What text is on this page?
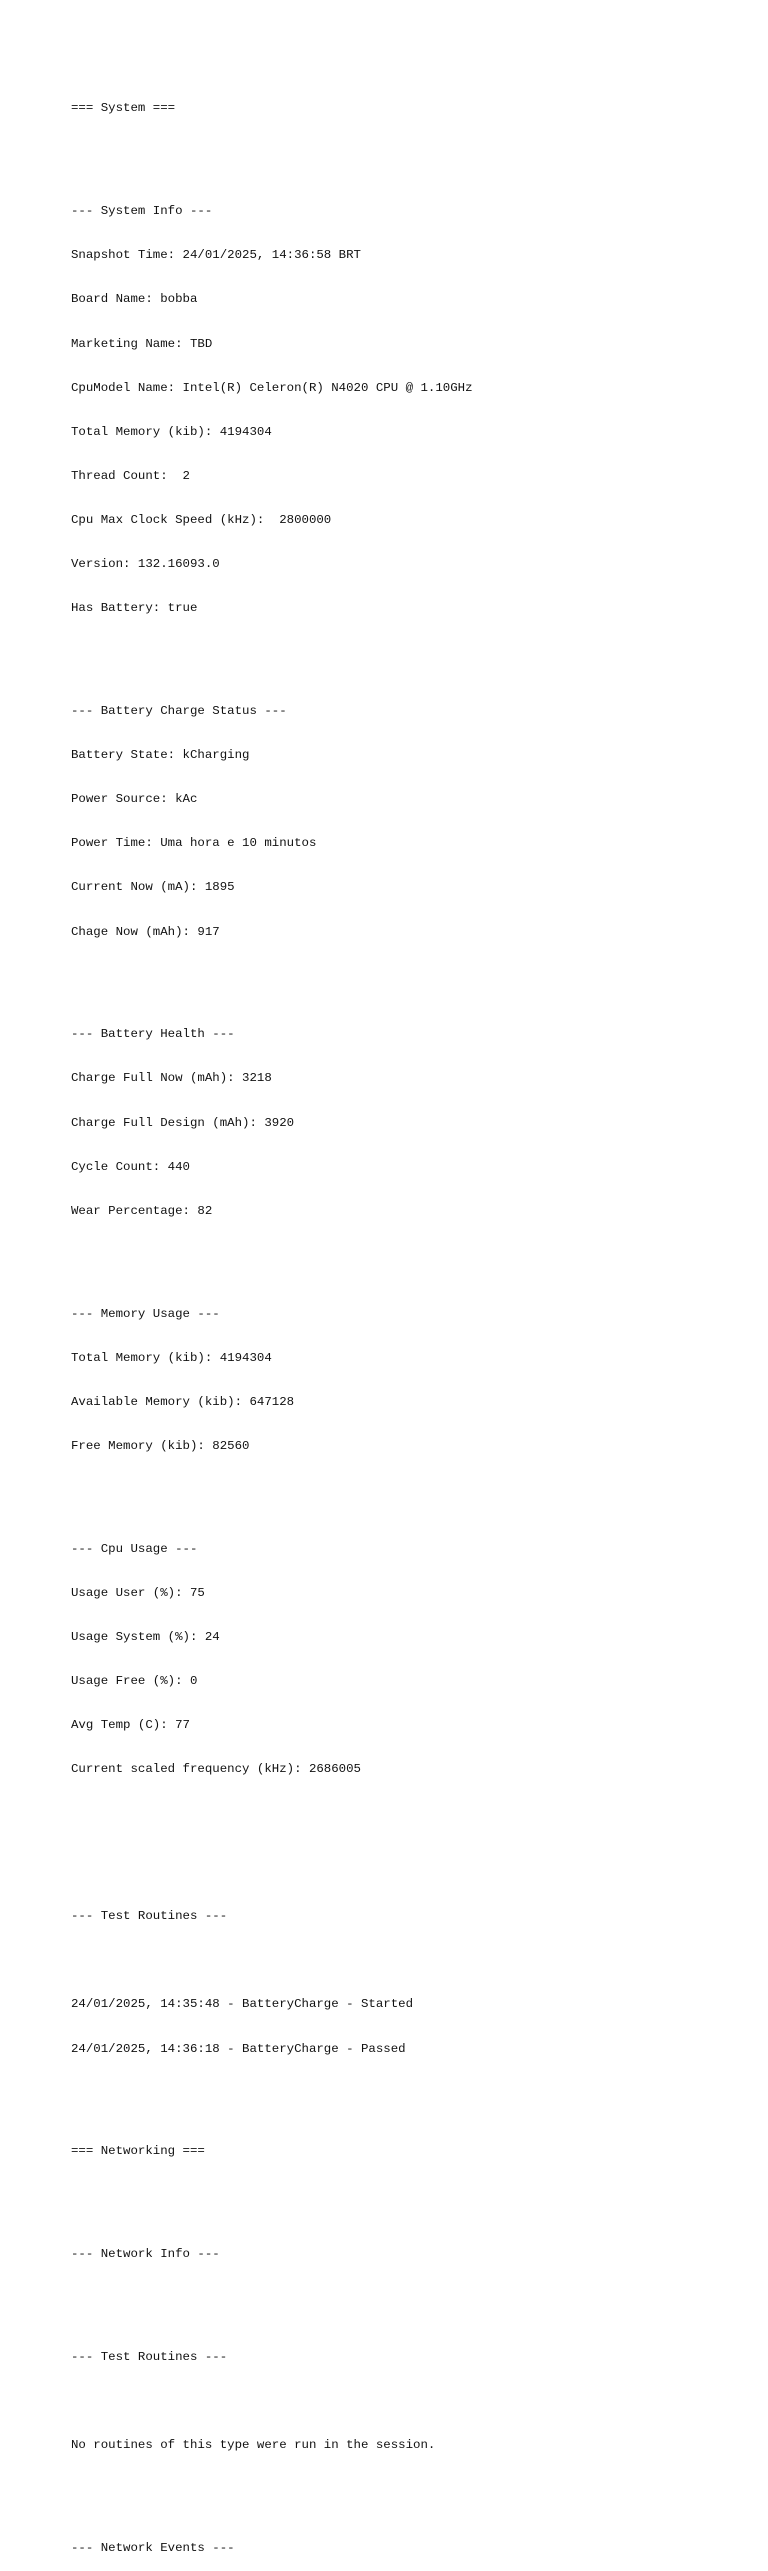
=== System ===

--- System Info ---

Snapshot Time: 24/01/2025, 14:36:58 BRT

Board Name: bobba

Marketing Name: TBD

CpuModel Name: Intel(R) Celeron(R) N4020 CPU @ 1.10GHz

Total Memory (kib): 4194304

Thread Count:  2

Cpu Max Clock Speed (kHz):  2800000

Version: 132.16093.0

Has Battery: true

--- Battery Charge Status ---

Battery State: kCharging

Power Source: kAc

Power Time: Uma hora e 10 minutos

Current Now (mA): 1895

Chage Now (mAh): 917

--- Battery Health ---

Charge Full Now (mAh): 3218

Charge Full Design (mAh): 3920

Cycle Count: 440

Wear Percentage: 82

--- Memory Usage ---

Total Memory (kib): 4194304

Available Memory (kib): 647128

Free Memory (kib): 82560

--- Cpu Usage ---

Usage User (%): 75

Usage System (%): 24

Usage Free (%): 0

Avg Temp (C): 77

Current scaled frequency (kHz): 2686005

--- Test Routines ---

24/01/2025, 14:35:48 - BatteryCharge - Started

24/01/2025, 14:36:18 - BatteryCharge - Passed

=== Networking ===

--- Network Info ---

--- Test Routines ---

No routines of this type were run in the session.

--- Network Events ---
